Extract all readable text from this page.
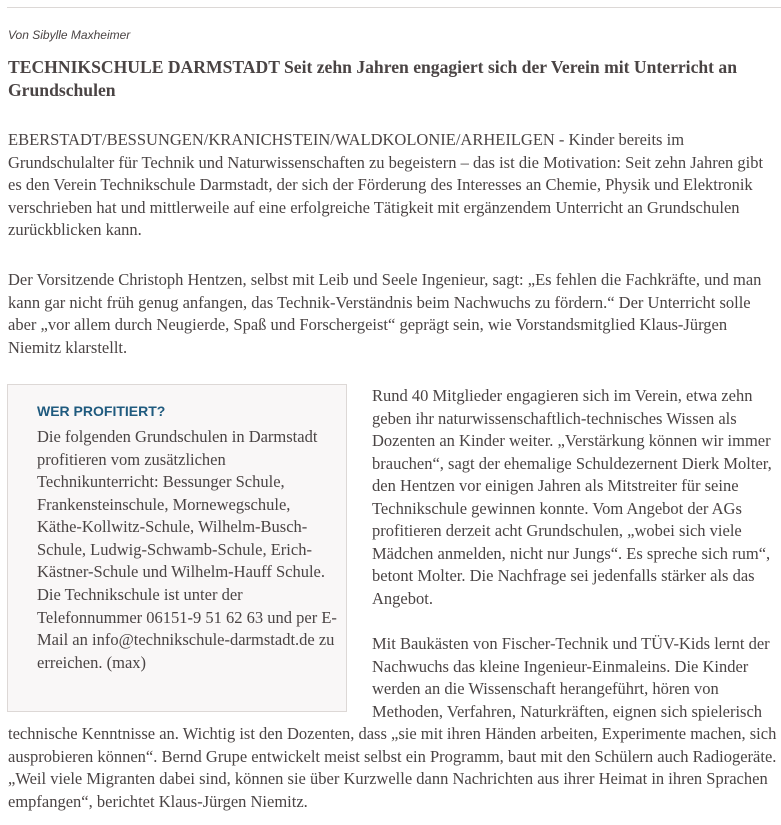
Von Sibylle Maxheimer
TECHNIKSCHULE DARMSTADT Seit zehn Jahren engagiert sich der Verein mit Unterricht an Grundschulen

EBERSTADT/BESSUNGEN/KRANICHSTEIN/WALDKOLONIE/ARHEILGEN - Kinder bereits im Grundschulalter für Technik und Naturwissenschaften zu begeistern – das ist die Motivation: Seit zehn Jahren gibt es den Verein Technikschule Darmstadt, der sich der Förderung des Interesses an Chemie, Physik und Elektronik verschrieben hat und mittlerweile auf eine erfolgreiche Tätigkeit mit ergänzendem Unterricht an Grundschulen zurückblicken kann.

Der Vorsitzende Christoph Hentzen, selbst mit Leib und Seele Ingenieur, sagt: „Es fehlen die Fachkräfte, und man kann gar nicht früh genug anfangen, das Technik-Verständnis beim Nachwuchs zu fördern.“ Der Unterricht solle aber „vor allem durch Neugierde, Spaß und Forschergeist“ geprägt sein, wie Vorstandsmitglied Klaus-Jürgen Niemitz klarstellt.

Rund 40 Mitglieder engagieren sich im Verein, etwa zehn geben ihr naturwissenschaftlich-technisches Wissen als Dozenten an Kinder weiter. „Verstärkung können wir immer brauchen“, sagt der ehemalige Schuldezernent Dierk Molter, den Hentzen vor einigen Jahren als Mitstreiter für seine Technikschule gewinnen konnte. Vom Angebot der AGs profitieren derzeit acht Grundschulen, „wobei sich viele Mädchen anmelden, nicht nur Jungs“. Es spreche sich rum“, betont Molter. Die Nachfrage sei jedenfalls stärker als das Angebot.

Mit Baukästen von Fischer-Technik und TÜV-Kids lernt der Nachwuchs das kleine Ingenieur-Einmaleins. Die Kinder werden an die Wissenschaft herangeführt, hören von Methoden, Verfahren, Naturkräften, eignen sich spielerisch technische Kenntnisse an. Wichtig ist den Dozenten, dass „sie mit ihren Händen arbeiten, Experimente machen, sich ausprobieren können“. Bernd Grupe entwickelt meist selbst ein Programm, baut mit den Schülern auch Radiogeräte. „Weil viele Migranten dabei sind, können sie über Kurzwelle dann Nachrichten aus ihrer Heimat in ihren Sprachen empfangen“, berichtet Klaus-Jürgen Niemitz.

WER PROFITIERT?

Die folgenden Grundschulen in Darmstadt profitieren vom zusätzlichen Technikunterricht: Bessunger Schule, Frankensteinschule, Mornewegschule, Käthe-Kollwitz-Schule, Wilhelm-Busch-Schule, Ludwig-Schwamb-Schule, Erich-Kästner-Schule und Wilhelm-Hauff Schule.

Die Technikschule ist unter der Telefonnummer 06151-9 51 62 63 und per E-Mail an info@technikschule-darmstadt.de zu erreichen. (max)
